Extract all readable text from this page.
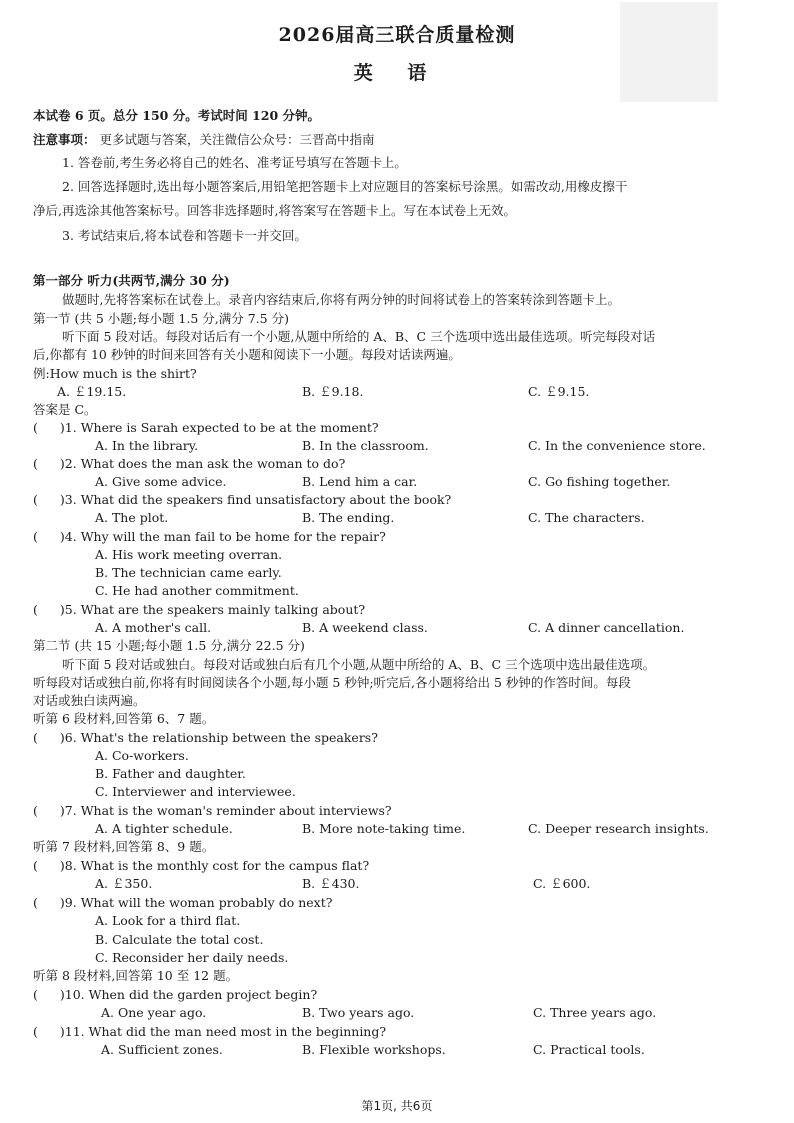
2026届高三联合质量检测
英 语
本试卷 6 页。总分 150 分。考试时间 120 分钟。
注意事项： 更多试题与答案，关注微信公众号：三晋高中指南
1. 答卷前,考生务必将自己的姓名、准考证号填写在答题卡上。
2. 回答选择题时,选出每小题答案后,用铅笔把答题卡上对应题目的答案标号涂黑。如需改动,用橡皮擦干
净后,再选涂其他答案标号。回答非选择题时,将答案写在答题卡上。写在本试卷上无效。
3. 考试结束后,将本试卷和答题卡一并交回。
第一部分 听力(共两节,满分 30 分)
做题时,先将答案标在试卷上。录音内容结束后,你将有两分钟的时间将试卷上的答案转涂到答题卡上。
第一节 (共 5 小题;每小题 1.5 分,满分 7.5 分)
听下面 5 段对话。每段对话后有一个小题,从题中所给的 A、B、C 三个选项中选出最佳选项。听完每段对话
后,你都有 10 秒钟的时间来回答有关小题和阅读下一小题。每段对话读两遍。
例:How much is the shirt?
A. ￡19.15.	B. ￡9.18.	C. ￡9.15.
答案是 C。
( )1. Where is Sarah expected to be at the moment?
A. In the library.	B. In the classroom.	C. In the convenience store.
( )2. What does the man ask the woman to do?
A. Give some advice.	B. Lend him a car.	C. Go fishing together.
( )3. What did the speakers find unsatisfactory about the book?
A. The plot.	B. The ending.	C. The characters.
( )4. Why will the man fail to be home for the repair?
A. His work meeting overran.
B. The technician came early.
C. He had another commitment.
( )5. What are the speakers mainly talking about?
A. A mother's call.	B. A weekend class.	C. A dinner cancellation.
第二节 (共 15 小题;每小题 1.5 分,满分 22.5 分)
听下面 5 段对话或独白。每段对话或独白后有几个小题,从题中所给的 A、B、C 三个选项中选出最佳选项。
听每段对话或独白前,你将有时间阅读各个小题,每小题 5 秒钟;听完后,各小题将给出 5 秒钟的作答时间。每段
对话或独白读两遍。
听第 6 段材料,回答第 6、7 题。
( )6. What's the relationship between the speakers?
A. Co-workers.
B. Father and daughter.
C. Interviewer and interviewee.
( )7. What is the woman's reminder about interviews?
A. A tighter schedule.	B. More note-taking time.	C. Deeper research insights.
听第 7 段材料,回答第 8、9 题。
( )8. What is the monthly cost for the campus flat?
A. ￡350.	B. ￡430.	C. ￡600.
( )9. What will the woman probably do next?
A. Look for a third flat.
B. Calculate the total cost.
C. Reconsider her daily needs.
听第 8 段材料,回答第 10 至 12 题。
( )10. When did the garden project begin?
A. One year ago.	B. Two years ago.	C. Three years ago.
( )11. What did the man need most in the beginning?
A. Sufficient zones.	B. Flexible workshops.	C. Practical tools.
第1页, 共6页
